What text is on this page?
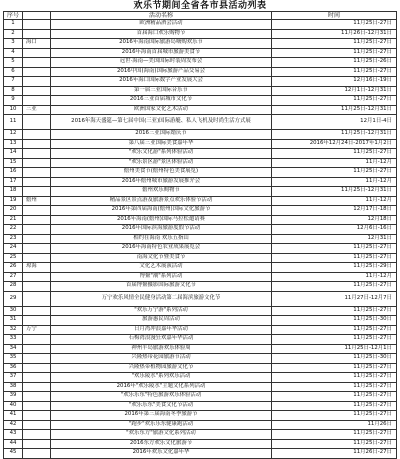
欢乐节期间全省各市县活动列表
序号		活动名称	时间
1		欧洲精品酒会活动	11月25日-27日
2		首届海口欢乐购物节	11月26日-12月31日
3	海口	2016年海南国际旅游岛嗨购欢乐节	11月25日-27日
4		2016年海南首届城市旅游美食节	11月25日-27日
5		冠世·海南—美国国际时装周发布会	11月25日-26日
6		2016中国(海南)国际旅游产品交易会	11月25日-27日
7		2016年海口国际数字产业发展大会	12月16日-19日
8		第一届三亚国际音乐节	12月1日-12月31日
9		2016三亚首届城市文化节	11月25日-27日
10	三亚	欧洲国家文化艺术活动	11月25日-12月31日
11		2016年海天盛筵—第七届中国(三亚)国际游艇、私人飞机及时尚生活方式展	12月1日-4日
12		2016三亚国际婚庆节	11月25日-12月31日
13		第八届三亚国际美食嘉年华	2016年12月24日-2017年1月2日
14		"欢乐文化游"系列体验活动	11月25日-27日
15		"欢乐景区游"景区体验活动	11月-12月
16		儋州美食节(儋州特色美食展览)	11月25日-27日
17		2016年儋州城市旅游发展推介会	11月-12月
18		儋州欢乐购物节	11月25日-12月31日
19	儋州	精品景区景点游及旅游景点欢乐体验节活动	11月-12月
20		2016年第四届海南(儋州)国际文化旅游节	12月17日-18日
21		2016年海南(儋州)国际马拉松邀请赛	12月18日
22		2016年国际滨海旅游度假节活动	12月6日-16日
23		相约在海南 欢乐五指山	12月31日
24		2016年海南特色农业成果展览会	11月25日-27日
25		南海文化节暨美食节	11月25日-27日
26	琼海	文化艺术展演活动	11月25日-29日
27		博鳌"潮"系列活动	11月-12月
28		首届博鳌摄影国际旅游文化节	11月25日-27日
29		万宁欢乐风情全民健身活动第二届海滨旅游文化节	11月27日-12月7日
30		"欢乐万宁游"系列活动	11月25日-27日
31		旅游惠民周活动	11月25日-30日
32	万宁	日月湾冲浪嘉年华活动	11月25日-27日
33		石梅湾浪漫狂欢嘉年华活动	11月25日-27日
34		神州半岛旅游欢乐体验周	11月25日-12月1日
35		兴隆热带花园旅游节活动	11月25日-30日
36		兴隆热带植物园旅游文化节	11月25日-27日
37		"欢乐陵水"系列欢乐活动	11月25日-27日
38		2016年"欢乐陵水"主题文化系列活动	11月25日-27日
39		"欢乐乐东"特色旅游欢乐体验活动	11月25日-27日
40		"欢乐乐东"美食文化节活动	11月25日-27日
41		2016年第三届海南冬季旅游节	11月25日-27日
42		"跑步"欢乐乐东健康跑活动	11月26日
43		"欢乐东方"旅游文化系列活动	11月25日-27日
44		2016东方欢乐文化旅游节	11月25日-27日
45		2016年欢乐文化嘉年华	11月26日-27日
